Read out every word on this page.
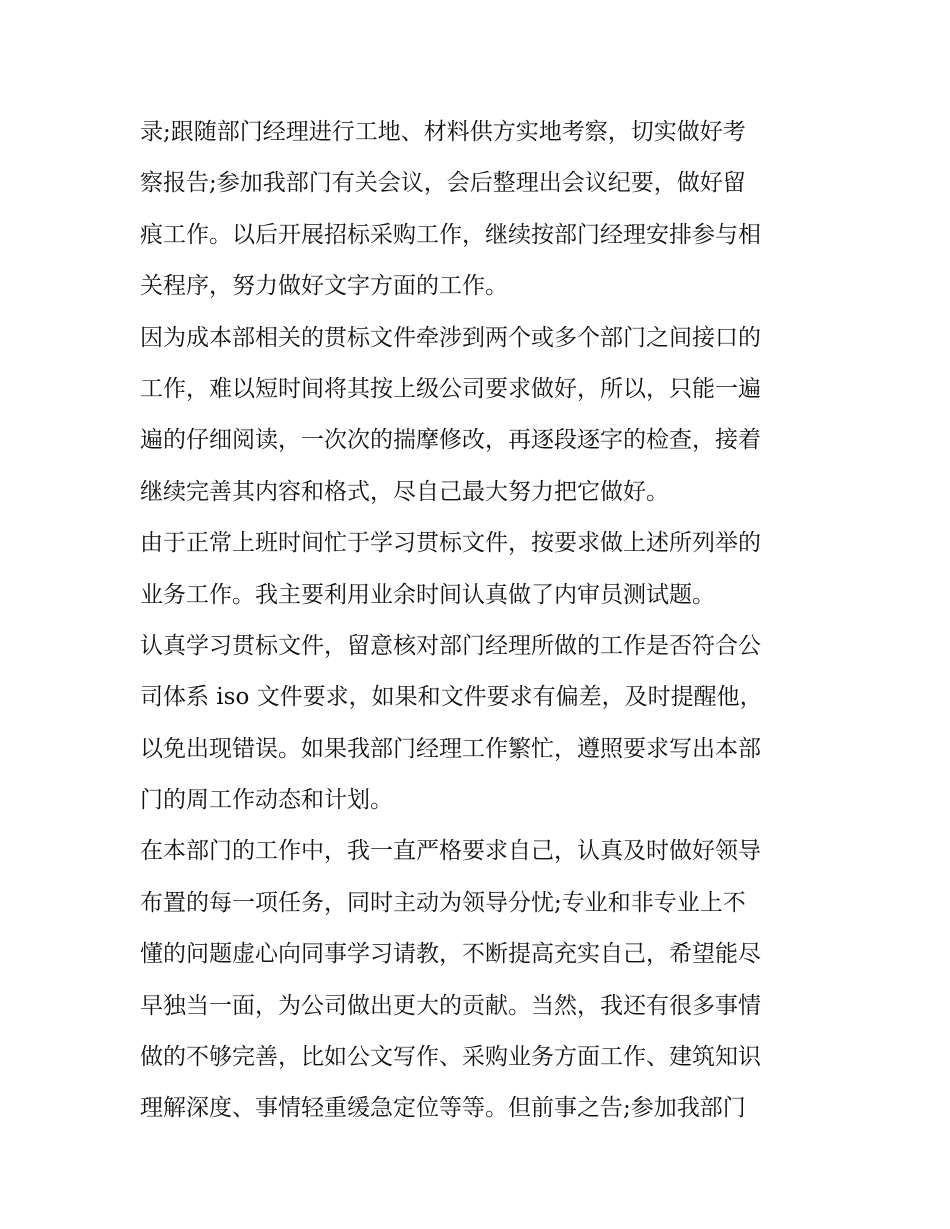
录;跟随部门经理进行工地、材料供方实地考察，切实做好考
察报告;参加我部门有关会议，会后整理出会议纪要，做好留
痕工作。以后开展招标采购工作，继续按部门经理安排参与相
关程序，努力做好文字方面的工作。
因为成本部相关的贯标文件牵涉到两个或多个部门之间接口的
工作，难以短时间将其按上级公司要求做好，所以，只能一遍
遍的仔细阅读，一次次的揣摩修改，再逐段逐字的检查，接着
继续完善其内容和格式，尽自己最大努力把它做好。
由于正常上班时间忙于学习贯标文件，按要求做上述所列举的
业务工作。我主要利用业余时间认真做了内审员测试题。
认真学习贯标文件，留意核对部门经理所做的工作是否符合公
司体系 iso 文件要求，如果和文件要求有偏差，及时提醒他，
以免出现错误。如果我部门经理工作繁忙，遵照要求写出本部
门的周工作动态和计划。
在本部门的工作中，我一直严格要求自己，认真及时做好领导
布置的每一项任务，同时主动为领导分忧;专业和非专业上不
懂的问题虚心向同事学习请教，不断提高充实自己，希望能尽
早独当一面，为公司做出更大的贡献。当然，我还有很多事情
做的不够完善，比如公文写作、采购业务方面工作、建筑知识
理解深度、事情轻重缓急定位等等。但前事之告;参加我部门
